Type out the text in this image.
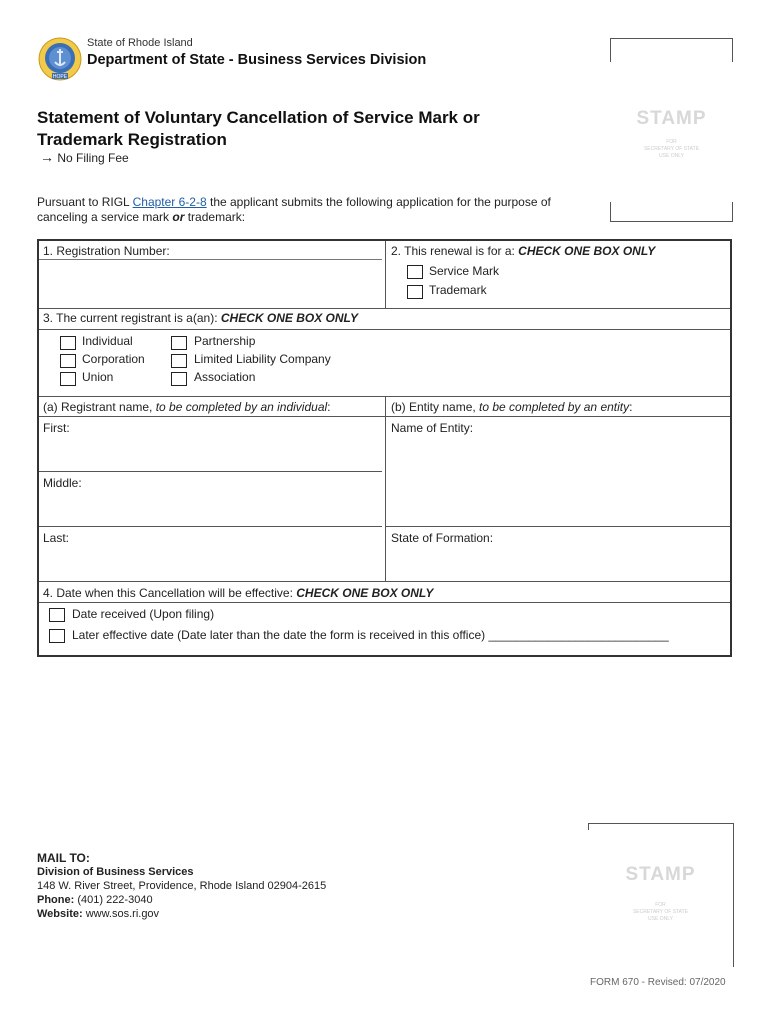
HOPE
State of Rhode Island
Department of State - Business Services Division
Statement of Voluntary Cancellation of Service Mark or
Trademark Registration
→ No Filing Fee
Pursuant to RIGL Chapter 6-2-8 the applicant submits the following application for the purpose of
canceling a service mark or trademark:
STAMP
FOR
SECRETARY OF STATE
USE ONLY
1. Registration Number:	2. This renewal is for a: CHECK ONE BOX ONLY
Service Mark
Trademark
3. The current registrant is a(an): CHECK ONE BOX ONLY
Individual
Corporation
Union
Partnership
Limited Liability Company
Association
(a) Registrant name, to be completed by an individual:	(b) Entity name, to be completed by an entity:
First:
Middle:
Last:
Name of Entity:
State of Formation:
4. Date when this Cancellation will be effective: CHECK ONE BOX ONLY
Date received (Upon filing)
Later effective date (Date later than the date the form is received in this office) ___________________________
MAIL TO:
Division of Business Services
148 W. River Street, Providence, Rhode Island 02904-2615
Phone: (401) 222-3040
Website: www.sos.ri.gov
STAMP
FOR
SECRETARY OF STATE
USE ONLY
FORM 670 - Revised: 07/2020
